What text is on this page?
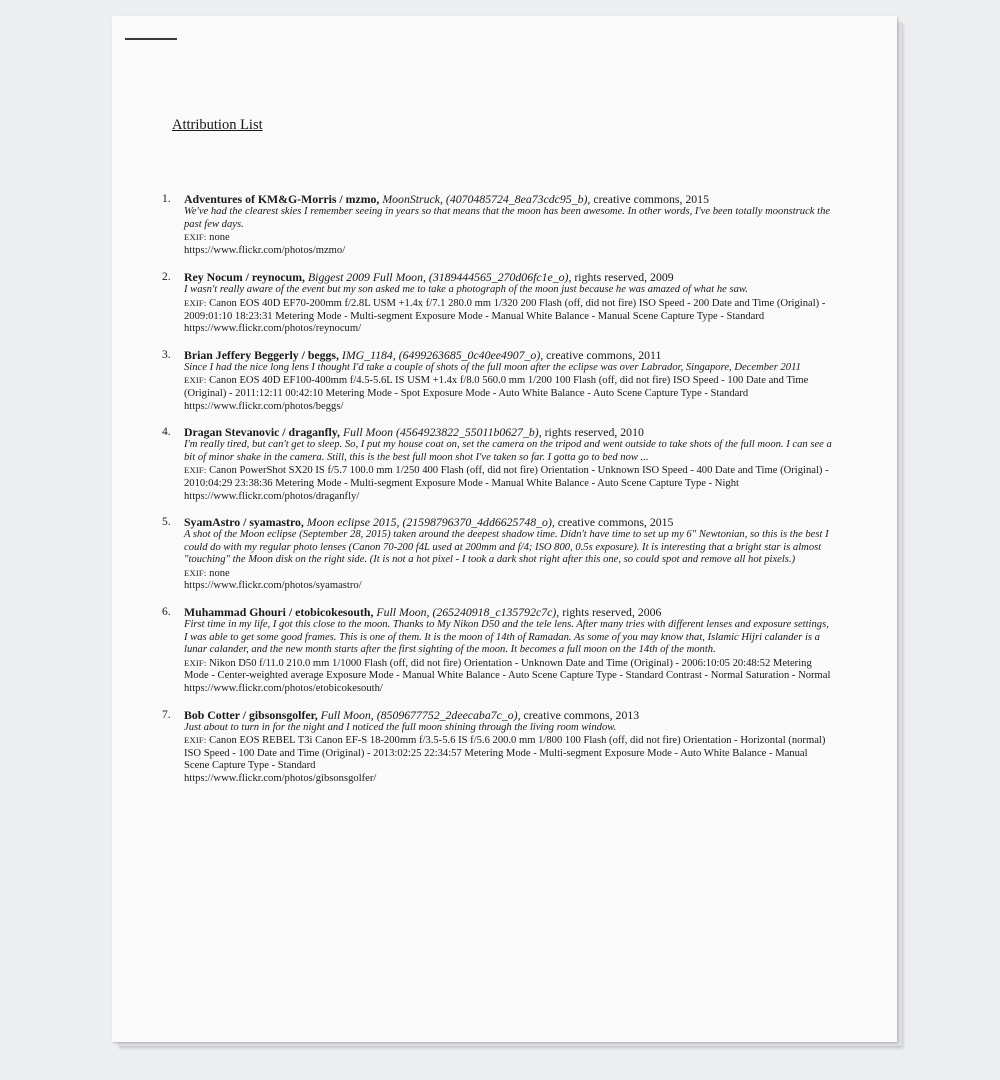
Attribution List
1. Adventures of KM&G-Morris / mzmo, MoonStruck, (4070485724_8ea73cdc95_b), creative commons, 2015
We've had the clearest skies I remember seeing in years so that means that the moon has been awesome. In other words, I've been totally moonstruck the past few days.
EXIF: none
https://www.flickr.com/photos/mzmo/
2. Rey Nocum / reynocum, Biggest 2009 Full Moon, (3189444565_270d06fc1e_o), rights reserved, 2009
I wasn't really aware of the event but my son asked me to take a photograph of the moon just because he was amazed of what he saw.
EXIF: Canon EOS 40D EF70-200mm f/2.8L USM +1.4x f/7.1 280.0 mm 1/320 200 Flash (off, did not fire) ISO Speed - 200 Date and Time (Original) - 2009:01:10 18:23:31 Metering Mode - Multi-segment Exposure Mode - Manual White Balance - Manual Scene Capture Type - Standard
https://www.flickr.com/photos/reynocum/
3. Brian Jeffery Beggerly / beggs, IMG_1184, (6499263685_0c40ee4907_o), creative commons, 2011
Since I had the nice long lens I thought I'd take a couple of shots of the full moon after the eclipse was over Labrador, Singapore, December 2011
EXIF: Canon EOS 40D EF100-400mm f/4.5-5.6L IS USM +1.4x f/8.0 560.0 mm 1/200 100 Flash (off, did not fire) ISO Speed - 100 Date and Time (Original) - 2011:12:11 00:42:10 Metering Mode - Spot Exposure Mode - Auto White Balance - Auto Scene Capture Type - Standard
https://www.flickr.com/photos/beggs/
4. Dragan Stevanovic / draganfly, Full Moon (4564923822_55011b0627_b), rights reserved, 2010
I'm really tired, but can't get to sleep. So, I put my house coat on, set the camera on the tripod and went outside to take shots of the full moon. I can see a bit of minor shake in the camera. Still, this is the best full moon shot I've taken so far. I gotta go to bed now ...
EXIF: Canon PowerShot SX20 IS f/5.7 100.0 mm 1/250 400 Flash (off, did not fire) Orientation - Unknown ISO Speed - 400 Date and Time (Original) - 2010:04:29 23:38:36 Metering Mode - Multi-segment Exposure Mode - Manual White Balance - Auto Scene Capture Type - Night
https://www.flickr.com/photos/draganfly/
5. SyamAstro / syamastro, Moon eclipse 2015, (21598796370_4dd6625748_o), creative commons, 2015
A shot of the Moon eclipse (September 28, 2015) taken around the deepest shadow time. Didn't have time to set up my 6" Newtonian, so this is the best I could do with my regular photo lenses (Canon 70-200 f4L used at 200mm and f/4; ISO 800, 0.5s exposure). It is interesting that a bright star is almost "touching" the Moon disk on the right side. (It is not a hot pixel - I took a dark shot right after this one, so could spot and remove all hot pixels.)
EXIF: none
https://www.flickr.com/photos/syamastro/
6. Muhammad Ghouri / etobicokesouth, Full Moon, (265240918_c135792c7c), rights reserved, 2006
First time in my life, I got this close to the moon. Thanks to My Nikon D50 and the tele lens. After many tries with different lenses and exposure settings, I was able to get some good frames. This is one of them. It is the moon of 14th of Ramadan. As some of you may know that, Islamic Hijri calander is a lunar calander, and the new month starts after the first sighting of the moon. It becomes a full moon on the 14th of the month.
EXIF: Nikon D50 f/11.0 210.0 mm 1/1000 Flash (off, did not fire) Orientation - Unknown Date and Time (Original) - 2006:10:05 20:48:52 Metering Mode - Center-weighted average Exposure Mode - Manual White Balance - Auto Scene Capture Type - Standard Contrast - Normal Saturation - Normal
https://www.flickr.com/photos/etobicokesouth/
7. Bob Cotter / gibsonsgolfer, Full Moon, (8509677752_2deecaba7c_o), creative commons, 2013
Just about to turn in for the night and I noticed the full moon shining through the living room window.
EXIF: Canon EOS REBEL T3i Canon EF-S 18-200mm f/3.5-5.6 IS f/5.6 200.0 mm 1/800 100 Flash (off, did not fire) Orientation - Horizontal (normal) ISO Speed - 100 Date and Time (Original) - 2013:02:25 22:34:57 Metering Mode - Multi-segment Exposure Mode - Auto White Balance - Manual Scene Capture Type - Standard
https://www.flickr.com/photos/gibsonsgolfer/
